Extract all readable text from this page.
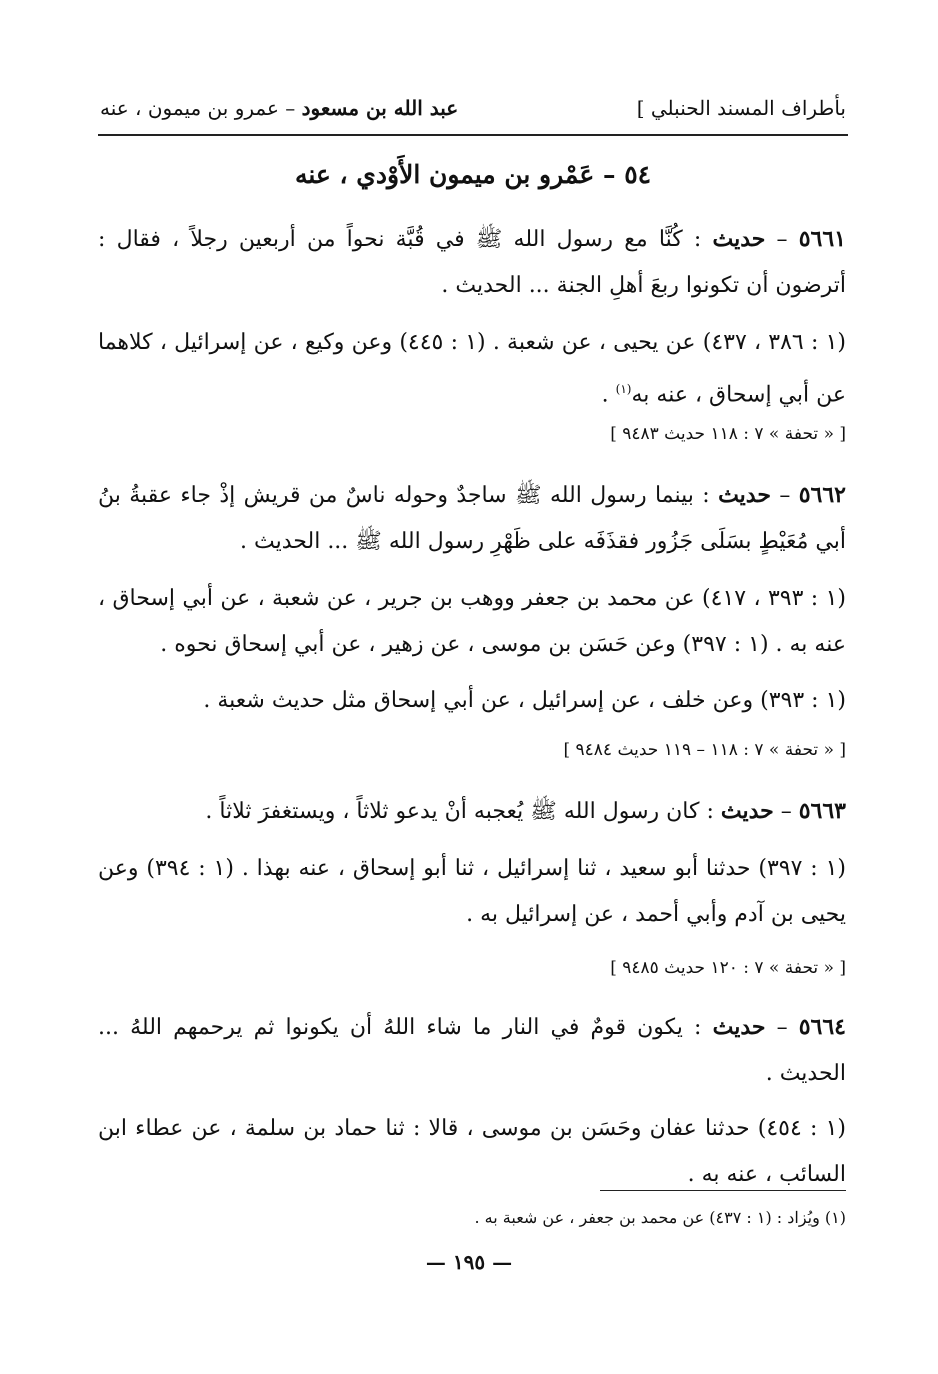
بأطراف المسند الحنبلي ]
عبد الله بن مسعود – عمرو بن ميمون ، عنه
٥٤ – عَمْرو بن ميمون الأَوْدي ، عنه
٥٦٦١ – حديث : كُنَّا مع رسول الله ﷺ في قُبَّة نحواً من أربعين رجلاً ، فقال : أترضون أن تكونوا ربعَ أهلِ الجنة ... الحديث .
(١ : ٣٨٦ ، ٤٣٧) عن يحيى ، عن شعبة . (١ : ٤٤٥) وعن وكيع ، عن إسرائيل ، كلاهما عن أبي إسحاق ، عنه به$^{(١)}$ .
[ « تحفة » ٧ : ١١٨ حديث ٩٤٨٣ ]
٥٦٦٢ – حديث : بينما رسول الله ﷺ ساجدٌ وحوله ناسٌ من قريش إذْ جاء عقبةُ بنُ أبي مُعَيْطٍ بسَلَى جَزُور فقذَفَه على ظَهْرِ رسول الله ﷺ ... الحديث .
(١ : ٣٩٣ ، ٤١٧) عن محمد بن جعفر ووهب بن جرير ، عن شعبة ، عن أبي إسحاق ، عنه به . (١ : ٣٩٧) وعن حَسَن بن موسى ، عن زهير ، عن أبي إسحاق نحوه .
(١ : ٣٩٣) وعن خلف ، عن إسرائيل ، عن أبي إسحاق مثل حديث شعبة .
[ « تحفة » ٧ : ١١٨ – ١١٩ حديث ٩٤٨٤ ]
٥٦٦٣ – حديث : كان رسول الله ﷺ يُعجبه أنْ يدعو ثلاثاً ، ويستغفرَ ثلاثاً .
(١ : ٣٩٧) حدثنا أبو سعيد ، ثنا إسرائيل ، ثنا أبو إسحاق ، عنه بهذا . (١ : ٣٩٤) وعن يحيى بن آدم وأبي أحمد ، عن إسرائيل به .
[ « تحفة » ٧ : ١٢٠ حديث ٩٤٨٥ ]
٥٦٦٤ – حديث : يكون قومٌ في النار ما شاء اللهُ أن يكونوا ثم يرحمهم اللهُ ... الحديث .
(١ : ٤٥٤) حدثنا عفان وحَسَن بن موسى ، قالا : ثنا حماد بن سلمة ، عن عطاء ابن السائب ، عنه به .
(١) ويُزاد : (١ : ٤٣٧) عن محمد بن جعفر ، عن شعبة به .
— ١٩٥ —
